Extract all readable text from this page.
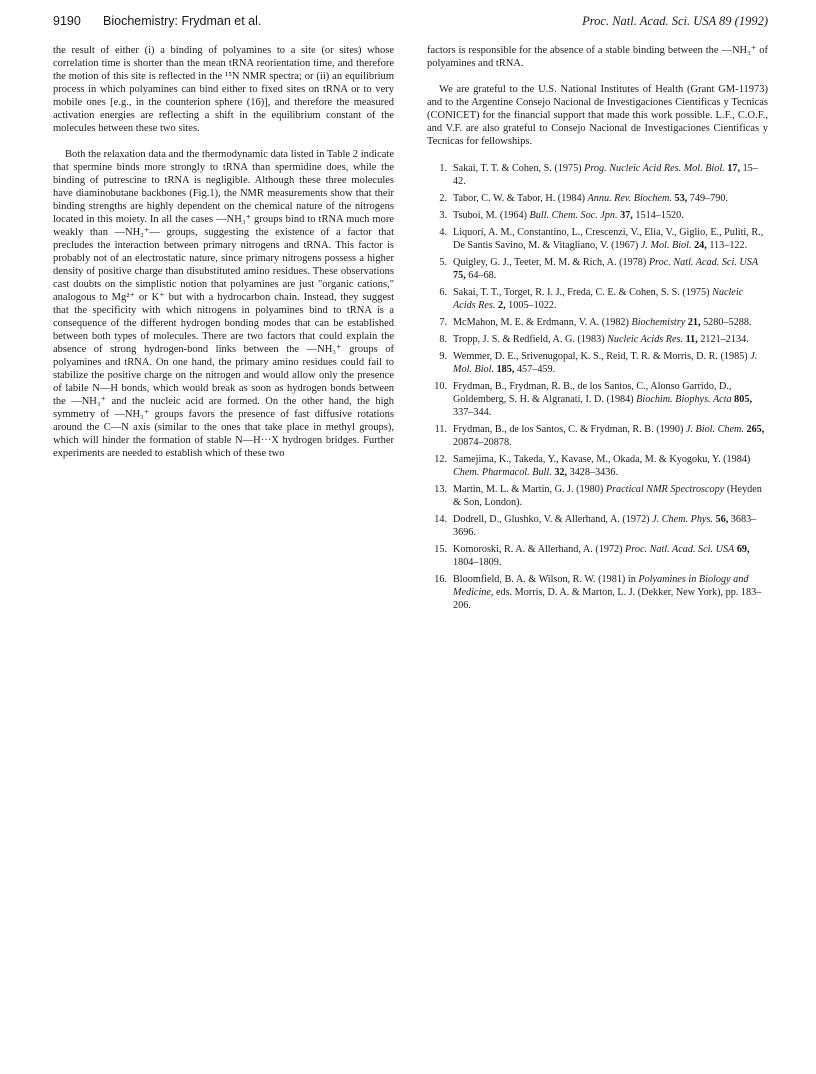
9190 Biochemistry: Frydman et al.	Proc. Natl. Acad. Sci. USA 89 (1992)

the result of either (i) a binding of polyamines to a site (or sites) whose correlation time is shorter than the mean tRNA reorientation time, and therefore the motion of this site is reflected in the ¹⁵N NMR spectra; or (ii) an equilibrium process in which polyamines can bind either to fixed sites on tRNA or to very mobile ones [e.g., in the counterion sphere (16)], and therefore the measured activation energies are reflecting a shift in the equilibrium constant of the molecules between these two sites.

Both the relaxation data and the thermodynamic data listed in Table 2 indicate that spermine binds more strongly to tRNA than spermidine does, while the binding of putrescine to tRNA is negligible. Although these three molecules have diaminobutane backbones (Fig.1), the NMR measurements show that their binding strengths are highly dependent on the chemical nature of the nitrogens located in this moiety. In all the cases —NH₃⁺ groups bind to tRNA much more weakly than —NH₂⁺— groups, suggesting the existence of a factor that precludes the interaction between primary nitrogens and tRNA. This factor is probably not of an electrostatic nature, since primary nitrogens possess a higher density of positive charge than disubstituted amino residues. These observations cast doubts on the simplistic notion that polyamines are just "organic cations," analogous to Mg²⁺ or K⁺ but with a hydrocarbon chain. Instead, they suggest that the specificity with which nitrogens in polyamines bind to tRNA is a consequence of the different hydrogen bonding modes that can be established between both types of molecules. There are two factors that could explain the absence of strong hydrogen-bond links between the —NH₃⁺ groups of polyamines and tRNA. On one hand, the primary amino residues could fail to stabilize the positive charge on the nitrogen and would allow only the presence of labile N—H bonds, which would break as soon as hydrogen bonds between the —NH₃⁺ and the nucleic acid are formed. On the other hand, the high symmetry of —NH₃⁺ groups favors the presence of fast diffusive rotations around the C—N axis (similar to the ones that take place in methyl groups), which will hinder the formation of stable N—H···X hydrogen bridges. Further experiments are needed to establish which of these two

factors is responsible for the absence of a stable binding between the —NH₃⁺ of polyamines and tRNA.

We are grateful to the U.S. National Institutes of Health (Grant GM-11973) and to the Argentine Consejo Nacional de Investigaciones Cientificas y Tecnicas (CONICET) for the financial support that made this work possible. L.F., C.O.F., and V.F. are also grateful to Consejo Nacional de Investigaciones Cientificas y Tecnicas for fellowships.

1. Sakai, T. T. & Cohen, S. (1975) Prog. Nucleic Acid Res. Mol. Biol. 17, 15–42.
2. Tabor, C. W. & Tabor, H. (1984) Annu. Rev. Biochem. 53, 749–790.
3. Tsuboi, M. (1964) Bull. Chem. Soc. Jpn. 37, 1514–1520.
4. Liquori, A. M., Constantino, L., Crescenzi, V., Elia, V., Giglio, E., Puliti, R., De Santis Savino, M. & Vitagliano, V. (1967) J. Mol. Biol. 24, 113–122.
5. Quigley, G. J., Teeter, M. M. & Rich, A. (1978) Proc. Natl. Acad. Sci. USA 75, 64–68.
6. Sakai, T. T., Torget, R. I. J., Freda, C. E. & Cohen, S. S. (1975) Nucleic Acids Res. 2, 1005–1022.
7. McMahon, M. E. & Erdmann, V. A. (1982) Biochemistry 21, 5280–5288.
8. Tropp, J. S. & Redfield, A. G. (1983) Nucleic Acids Res. 11, 2121–2134.
9. Wemmer, D. E., Srivenugopal, K. S., Reid, T. R. & Morris, D. R. (1985) J. Mol. Biol. 185, 457–459.
10. Frydman, B., Frydman, R. B., de los Santos, C., Alonso Garrido, D., Goldemberg, S. H. & Algranati, I. D. (1984) Biochim. Biophys. Acta 805, 337–344.
11. Frydman, B., de los Santos, C. & Frydman, R. B. (1990) J. Biol. Chem. 265, 20874–20878.
12. Samejima, K., Takeda, Y., Kavase, M., Okada, M. & Kyogoku, Y. (1984) Chem. Pharmacol. Bull. 32, 3428–3436.
13. Martin, M. L. & Martin, G. J. (1980) Practical NMR Spectroscopy (Heyden & Son, London).
14. Dodrell, D., Glushko, V. & Allerhand, A. (1972) J. Chem. Phys. 56, 3683–3696.
15. Komoroski, R. A. & Allerhand, A. (1972) Proc. Natl. Acad. Sci. USA 69, 1804–1809.
16. Bloomfield, B. A. & Wilson, R. W. (1981) in Polyamines in Biology and Medicine, eds. Morris, D. A. & Marton, L. J. (Dekker, New York), pp. 183–206.
